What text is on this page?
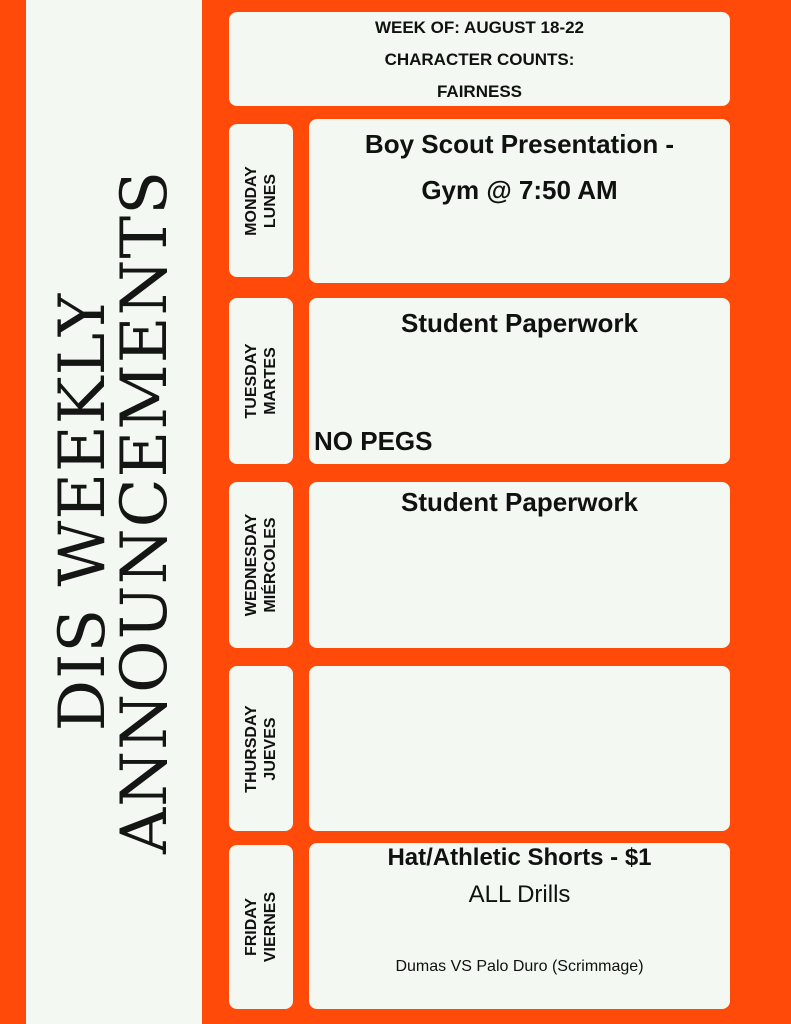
DIS WEEKLY
ANNOUNCEMENTS
WEEK OF: AUGUST 18-22
CHARACTER COUNTS:
FAIRNESS
MONDAY LUNES
Boy Scout Presentation -
Gym @ 7:50 AM
TUESDAY MARTES
Student Paperwork
NO PEGS
WEDNESDAY MIÉRCOLES
Student Paperwork
THURSDAY JUEVES
FRIDAY VIERNES
Hat/Athletic Shorts - $1
ALL Drills
Dumas VS Palo Duro (Scrimmage)
